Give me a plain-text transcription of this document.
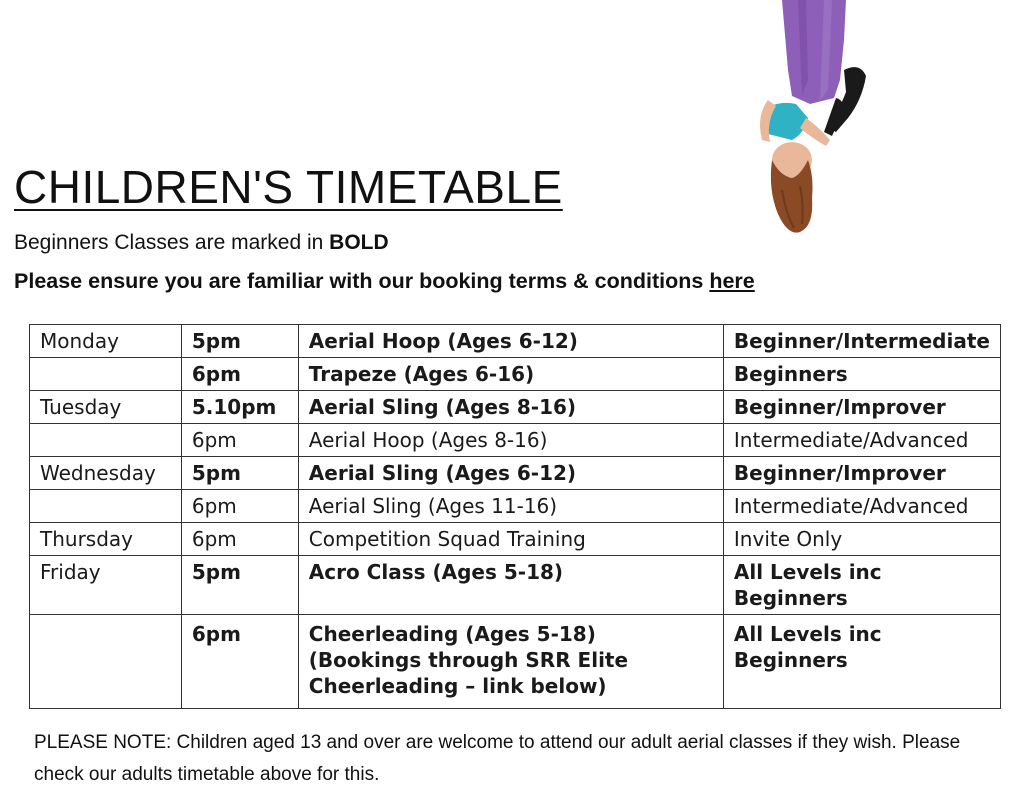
CHILDREN'S TIMETABLE
Beginners Classes are marked in BOLD
Please ensure you are familiar with our booking terms & conditions here
Monday	5pm	Aerial Hoop (Ages 6-12)	Beginner/Intermediate
	6pm	Trapeze (Ages 6-16)	Beginners
Tuesday	5.10pm	Aerial Sling (Ages 8-16)	Beginner/Improver
	6pm	Aerial Hoop (Ages 8-16)	Intermediate/Advanced
Wednesday	5pm	Aerial Sling (Ages 6-12)	Beginner/Improver
	6pm	Aerial Sling (Ages 11-16)	Intermediate/Advanced
Thursday	6pm	Competition Squad Training	Invite Only
Friday	5pm	Acro Class (Ages 5-18)	All Levels inc Beginners
	6pm	Cheerleading (Ages 5-18)
(Bookings through SRR Elite
Cheerleading – link below)	All Levels inc Beginners
PLEASE NOTE: Children aged 13 and over are welcome to attend our adult aerial classes if they wish. Please check our adults timetable above for this.
